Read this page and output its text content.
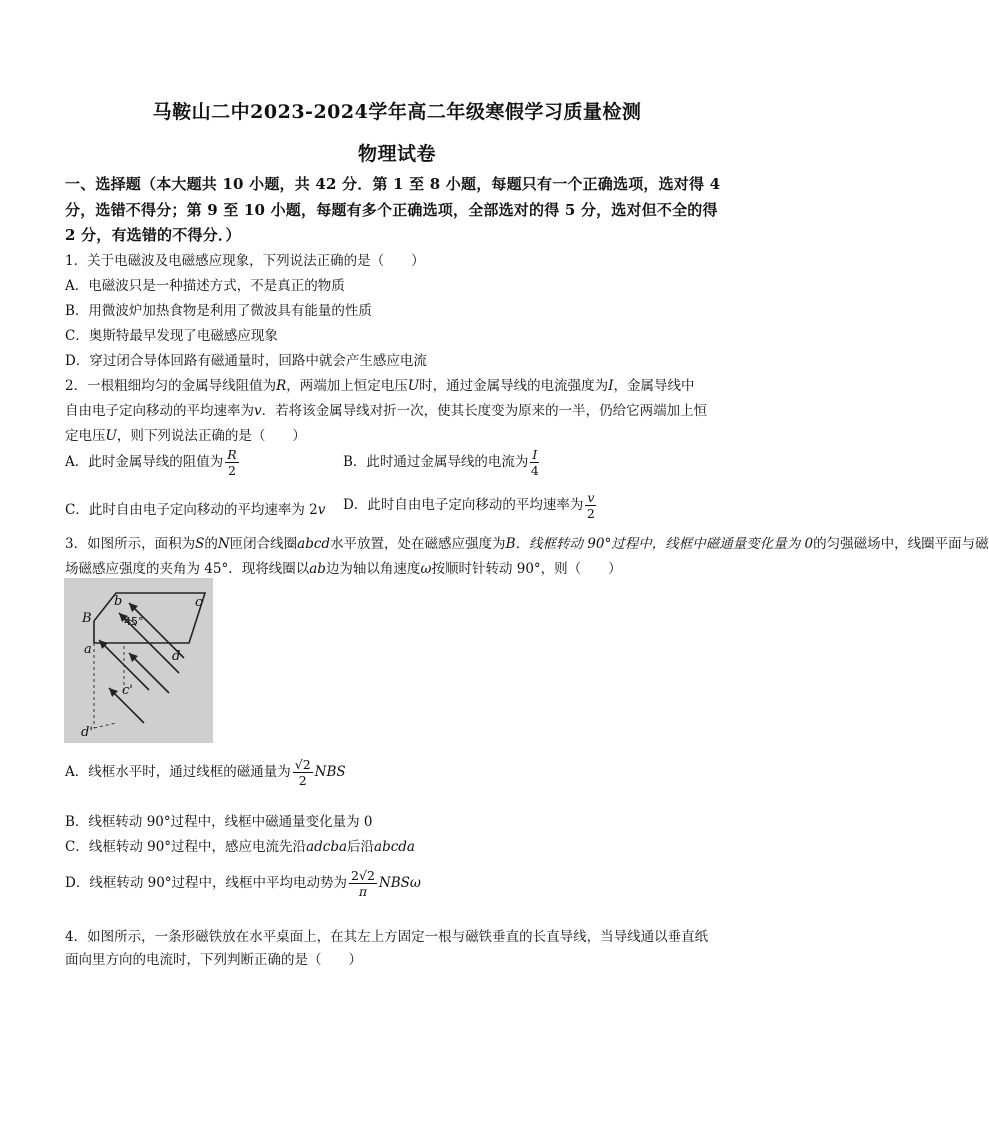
马鞍山二中2023-2024学年高二年级寒假学习质量检测
物理试卷
一、选择题（本大题共 10 小题，共 42 分．第 1 至 8 小题，每题只有一个正确选项，选对得 4
分，选错不得分；第 9 至 10 小题，每题有多个正确选项，全部选对的得 5 分，选对但不全的得
2 分，有选错的不得分．）
1．关于电磁波及电磁感应现象，下列说法正确的是（　　）
A．电磁波只是一种描述方式，不是真正的物质
B．用微波炉加热食物是利用了微波具有能量的性质
C．奥斯特最早发现了电磁感应现象
D．穿过闭合导体回路有磁通量时，回路中就会产生感应电流
2．一根粗细均匀的金属导线阻值为R，两端加上恒定电压U时，通过金属导线的电流强度为I，金属导线中
自由电子定向移动的平均速率为v．若将该金属导线对折一次，使其长度变为原来的一半，仍给它两端加上恒
定电压U，则下列说法正确的是（　　）
A．此时金属导线的阻值为 $\frac{R}{2}$	B．此时通过金属导线的电流为 $\frac{I}{4}$
C．此时自由电子定向移动的平均速率为 2v D．此时自由电子定向移动的平均速率为 $\frac{v}{2}$
3．如图所示，面积为S的N匝闭合线圈abcd水平放置，处在磁感应强度为B．线框转动 90°过程中，线框中磁通量变化量为 0的匀强磁场中，线圈平面与磁
场磁感应强度的夹角为 45°．现将线圈以ab边为轴以角速度ω按顺时针转动 90°，则（　　）
B
a
b	c
d
c'
d'
45°
A．线框水平时，通过线框的磁通量为 $\frac{√2}{2}$ NBS
B．线框转动 90°过程中，线框中磁通量变化量为 0
C．线框转动 90°过程中，感应电流先沿adcba后沿abcda
D．线框转动 90°过程中，线框中平均电动势为 $\frac{2√2}{\pi}$ NBSω
4．如图所示，一条形磁铁放在水平桌面上，在其左上方固定一根与磁铁垂直的长直导线，当导线通以垂直纸
面向里方向的电流时，下列判断正确的是（　　）
